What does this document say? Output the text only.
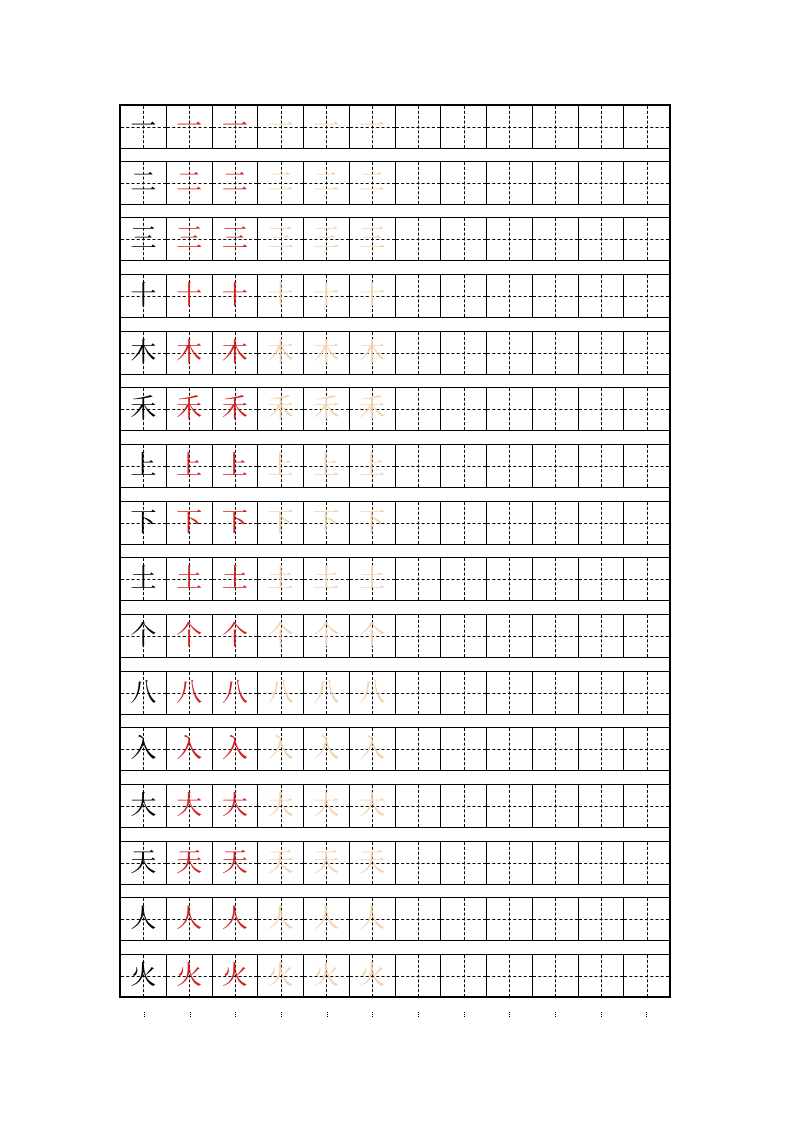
一 一 一 一 一 一
二 二 二 二 二 二
三 三 三 三 三 三
十 十 十 十 十 十
木 木 木 木 木 木
禾 禾 禾 禾 禾 禾
上 上 上 上 上 上
下 下 下 下 下 下
土 土 土 土 土 土
个 个 个 个 个 个
八 八 八 八 八 八
入 入 入 入 入 入
大 大 大 大 大 大
天 天 天 天 天 天
人 人 人 人 人 人
火 火 火 火 火 火
